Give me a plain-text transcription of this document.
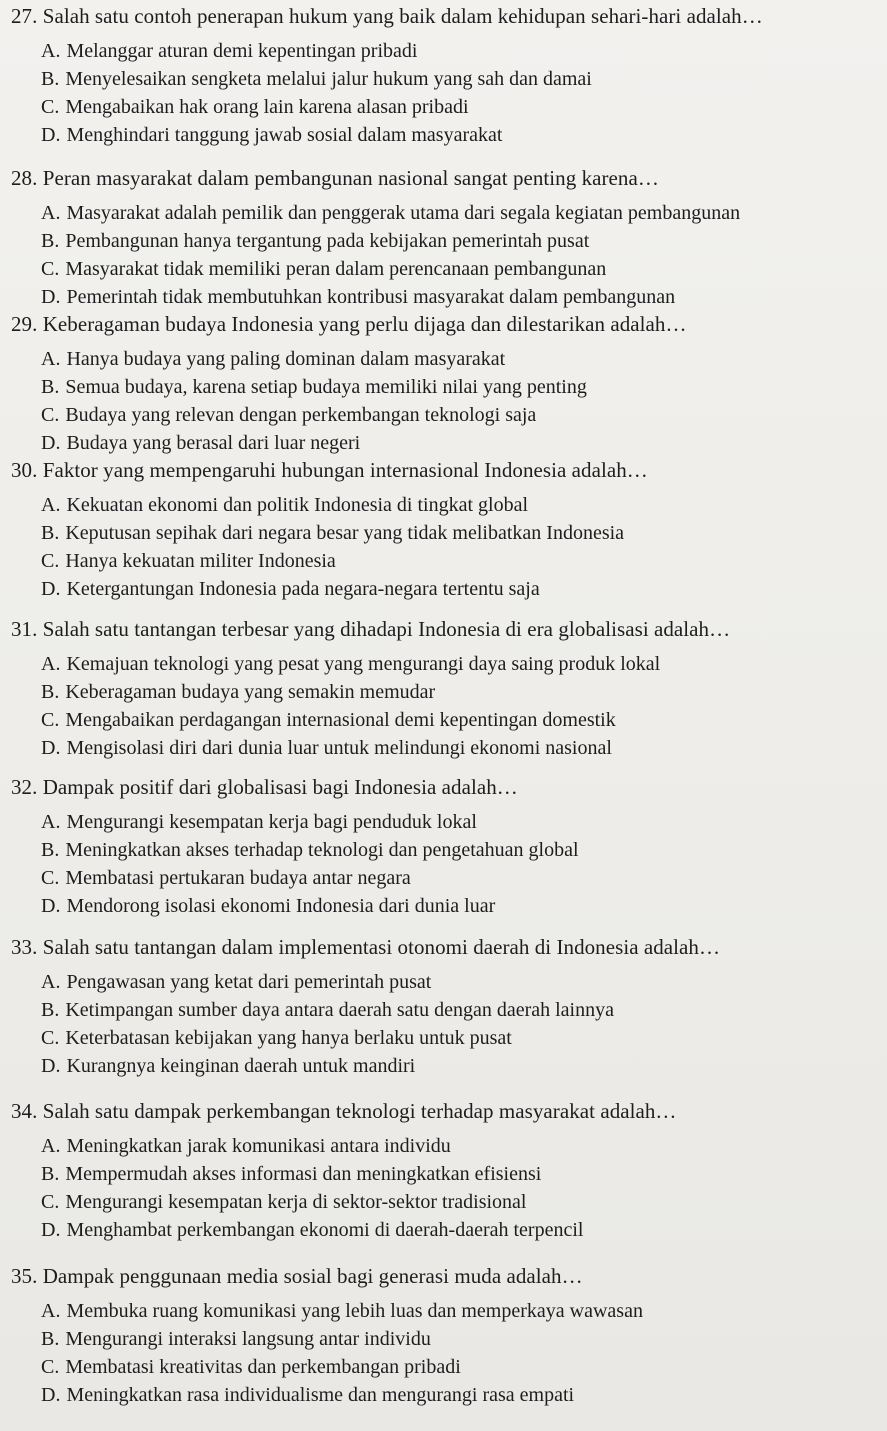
27. Salah satu contoh penerapan hukum yang baik dalam kehidupan sehari-hari adalah…
A. Melanggar aturan demi kepentingan pribadi
B. Menyelesaikan sengketa melalui jalur hukum yang sah dan damai
C. Mengabaikan hak orang lain karena alasan pribadi
D. Menghindari tanggung jawab sosial dalam masyarakat
28. Peran masyarakat dalam pembangunan nasional sangat penting karena…
A. Masyarakat adalah pemilik dan penggerak utama dari segala kegiatan pembangunan
B. Pembangunan hanya tergantung pada kebijakan pemerintah pusat
C. Masyarakat tidak memiliki peran dalam perencanaan pembangunan
D. Pemerintah tidak membutuhkan kontribusi masyarakat dalam pembangunan
29. Keberagaman budaya Indonesia yang perlu dijaga dan dilestarikan adalah…
A. Hanya budaya yang paling dominan dalam masyarakat
B. Semua budaya, karena setiap budaya memiliki nilai yang penting
C. Budaya yang relevan dengan perkembangan teknologi saja
D. Budaya yang berasal dari luar negeri
30. Faktor yang mempengaruhi hubungan internasional Indonesia adalah…
A. Kekuatan ekonomi dan politik Indonesia di tingkat global
B. Keputusan sepihak dari negara besar yang tidak melibatkan Indonesia
C. Hanya kekuatan militer Indonesia
D. Ketergantungan Indonesia pada negara-negara tertentu saja
31. Salah satu tantangan terbesar yang dihadapi Indonesia di era globalisasi adalah…
A. Kemajuan teknologi yang pesat yang mengurangi daya saing produk lokal
B. Keberagaman budaya yang semakin memudar
C. Mengabaikan perdagangan internasional demi kepentingan domestik
D. Mengisolasi diri dari dunia luar untuk melindungi ekonomi nasional
32. Dampak positif dari globalisasi bagi Indonesia adalah…
A. Mengurangi kesempatan kerja bagi penduduk lokal
B. Meningkatkan akses terhadap teknologi dan pengetahuan global
C. Membatasi pertukaran budaya antar negara
D. Mendorong isolasi ekonomi Indonesia dari dunia luar
33. Salah satu tantangan dalam implementasi otonomi daerah di Indonesia adalah…
A. Pengawasan yang ketat dari pemerintah pusat
B. Ketimpangan sumber daya antara daerah satu dengan daerah lainnya
C. Keterbatasan kebijakan yang hanya berlaku untuk pusat
D. Kurangnya keinginan daerah untuk mandiri
34. Salah satu dampak perkembangan teknologi terhadap masyarakat adalah…
A. Meningkatkan jarak komunikasi antara individu
B. Mempermudah akses informasi dan meningkatkan efisiensi
C. Mengurangi kesempatan kerja di sektor-sektor tradisional
D. Menghambat perkembangan ekonomi di daerah-daerah terpencil
35. Dampak penggunaan media sosial bagi generasi muda adalah…
A. Membuka ruang komunikasi yang lebih luas dan memperkaya wawasan
B. Mengurangi interaksi langsung antar individu
C. Membatasi kreativitas dan perkembangan pribadi
D. Meningkatkan rasa individualisme dan mengurangi rasa empati
